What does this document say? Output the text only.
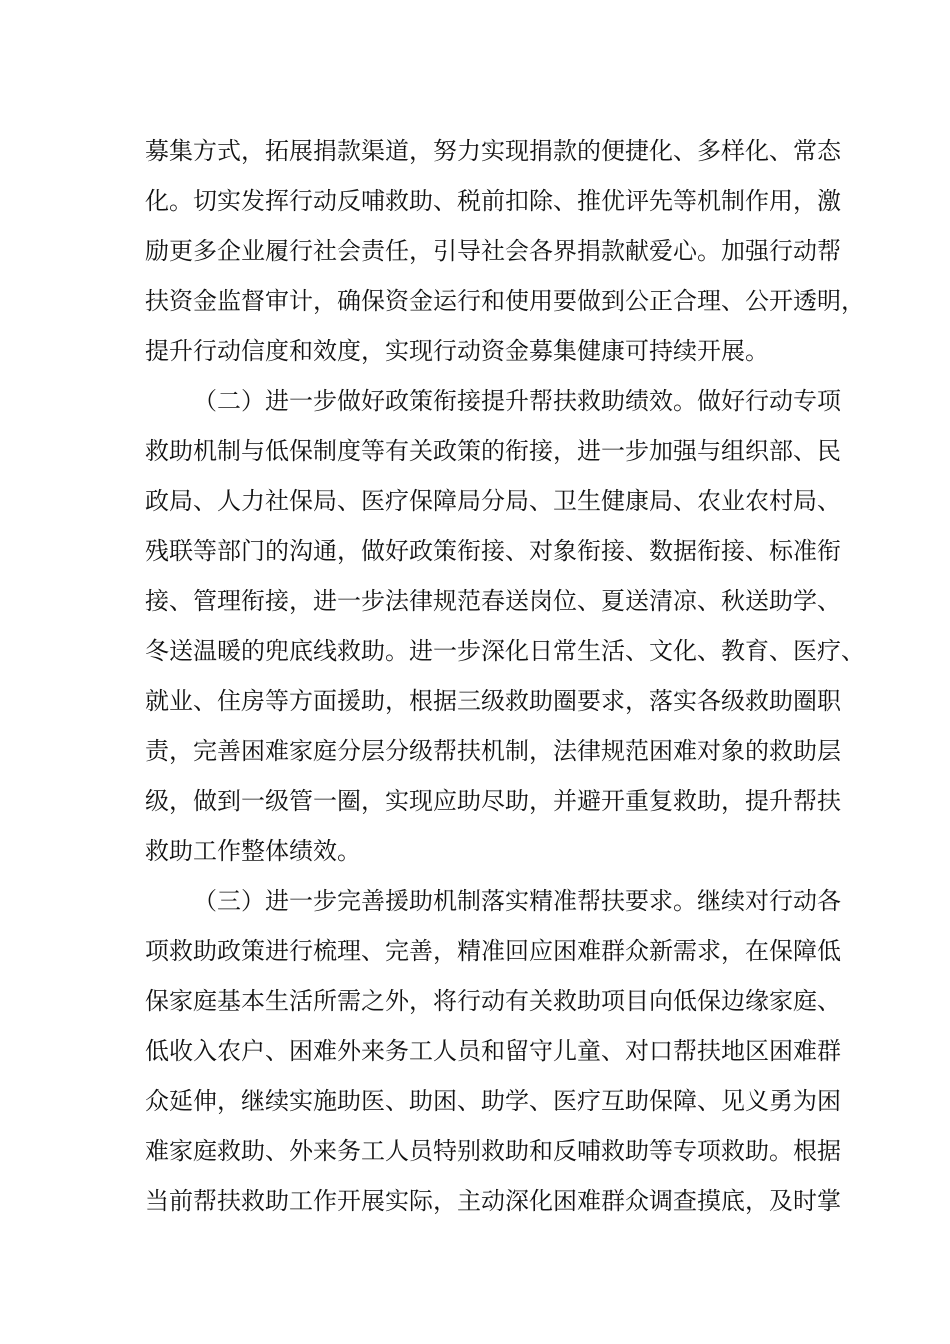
募集方式，拓展捐款渠道，努力实现捐款的便捷化、多样化、常态
化。切实发挥行动反哺救助、税前扣除、推优评先等机制作用，激
励更多企业履行社会责任，引导社会各界捐款献爱心。加强行动帮
扶资金监督审计，确保资金运行和使用要做到公正合理、公开透明，
提升行动信度和效度，实现行动资金募集健康可持续开展。
（二）进一步做好政策衔接提升帮扶救助绩效。做好行动专项
救助机制与低保制度等有关政策的衔接，进一步加强与组织部、民
政局、人力社保局、医疗保障局分局、卫生健康局、农业农村局、
残联等部门的沟通，做好政策衔接、对象衔接、数据衔接、标准衔
接、管理衔接，进一步法律规范春送岗位、夏送清凉、秋送助学、
冬送温暖的兜底线救助。进一步深化日常生活、文化、教育、医疗、
就业、住房等方面援助，根据三级救助圈要求，落实各级救助圈职
责，完善困难家庭分层分级帮扶机制，法律规范困难对象的救助层
级，做到一级管一圈，实现应助尽助，并避开重复救助，提升帮扶
救助工作整体绩效。
（三）进一步完善援助机制落实精准帮扶要求。继续对行动各
项救助政策进行梳理、完善，精准回应困难群众新需求，在保障低
保家庭基本生活所需之外，将行动有关救助项目向低保边缘家庭、
低收入农户、困难外来务工人员和留守儿童、对口帮扶地区困难群
众延伸，继续实施助医、助困、助学、医疗互助保障、见义勇为困
难家庭救助、外来务工人员特别救助和反哺救助等专项救助。根据
当前帮扶救助工作开展实际，主动深化困难群众调查摸底，及时掌
